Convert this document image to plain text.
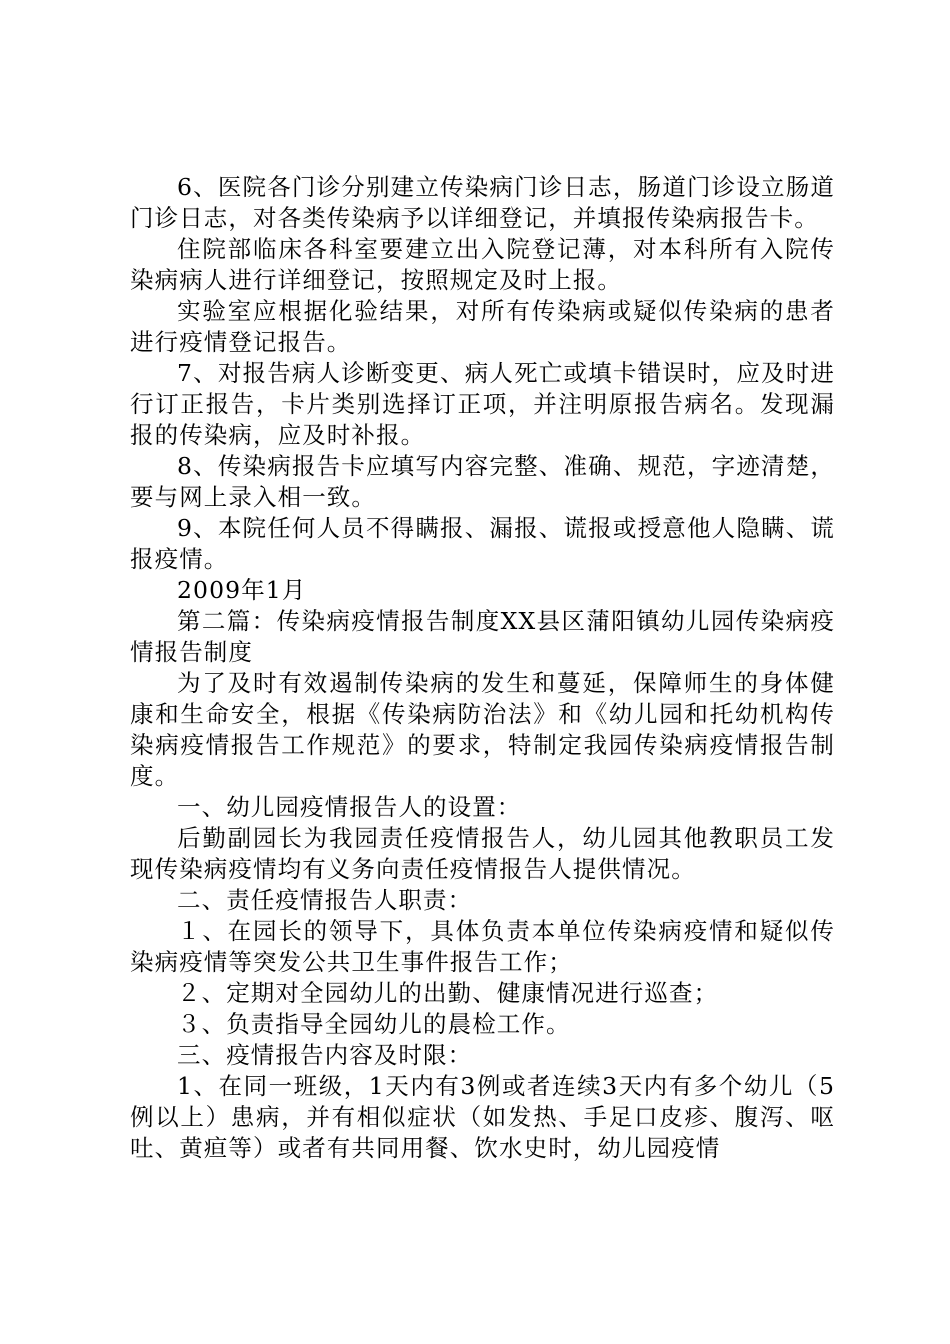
6、医院各门诊分别建立传染病门诊日志，肠道门诊设立肠道门诊日志，对各类传染病予以详细登记，并填报传染病报告卡。

住院部临床各科室要建立出入院登记薄，对本科所有入院传染病病人进行详细登记，按照规定及时上报。

实验室应根据化验结果，对所有传染病或疑似传染病的患者进行疫情登记报告。

7、对报告病人诊断变更、病人死亡或填卡错误时，应及时进行订正报告，卡片类别选择订正项，并注明原报告病名。发现漏报的传染病，应及时补报。

8、传染病报告卡应填写内容完整、准确、规范，字迹清楚，要与网上录入相一致。

9、本院任何人员不得瞒报、漏报、谎报或授意他人隐瞒、谎报疫情。

2009年1月

第二篇：传染病疫情报告制度XX县区蒲阳镇幼儿园传染病疫情报告制度

为了及时有效遏制传染病的发生和蔓延，保障师生的身体健康和生命安全，根据《传染病防治法》和《幼儿园和托幼机构传染病疫情报告工作规范》的要求，特制定我园传染病疫情报告制度。

一、幼儿园疫情报告人的设置：

后勤副园长为我园责任疫情报告人，幼儿园其他教职员工发现传染病疫情均有义务向责任疫情报告人提供情况。

二、责任疫情报告人职责：

１、在园长的领导下，具体负责本单位传染病疫情和疑似传染病疫情等突发公共卫生事件报告工作；

２、定期对全园幼儿的出勤、健康情况进行巡查；

３、负责指导全园幼儿的晨检工作。

三、疫情报告内容及时限：

1、在同一班级，1天内有3例或者连续3天内有多个幼儿（5例以上）患病，并有相似症状（如发热、手足口皮疹、腹泻、呕吐、黄疸等）或者有共同用餐、饮水史时，幼儿园疫情
